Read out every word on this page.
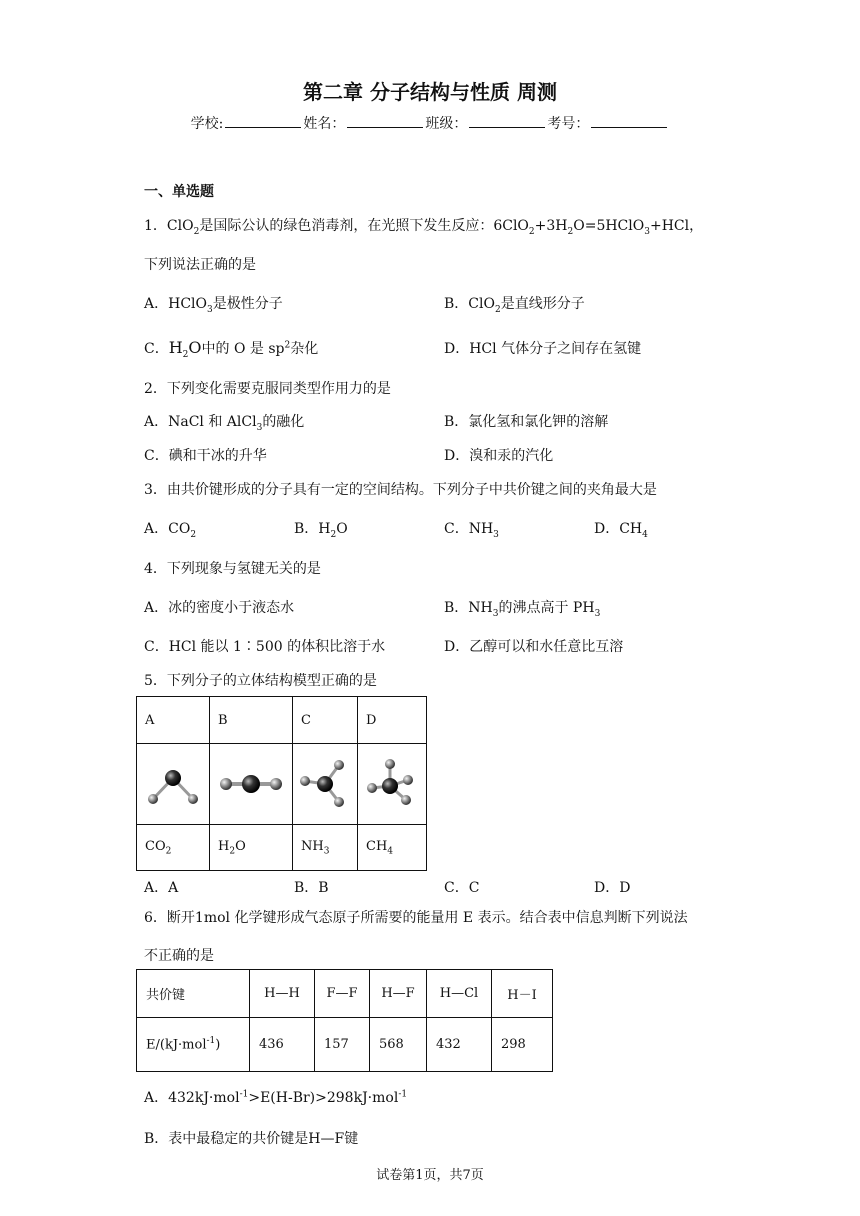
第二章 分子结构与性质 周测
学校:	姓名：	班级：	考号：
一、单选题
1．ClO$_2$是国际公认的绿色消毒剂，在光照下发生反应：$6ClO_2+3H_2O=5HClO_3+HCl$，
下列说法正确的是
A．HClO$_3$是极性分子	B．ClO$_2$是直线形分子
C．$H_2O$中的 O 是 $sp^2$杂化	D．HCl 气体分子之间存在氢键
2．下列变化需要克服同类型作用力的是
A．NaCl 和 AlCl$_3$的融化	B．氯化氢和氯化钾的溶解
C．碘和干冰的升华	D．溴和汞的汽化
3．由共价键形成的分子具有一定的空间结构。下列分子中共价键之间的夹角最大是
A．$CO_2$	B．$H_2O$	C．$NH_3$	D．$CH_4$
4．下列现象与氢键无关的是
A．冰的密度小于液态水	B．$NH_3$的沸点高于 $PH_3$
C．HCl 能以 1∶500 的体积比溶于水	D．乙醇可以和水任意比互溶
5．下列分子的立体结构模型正确的是
A	B	C	D

$CO_2$	$H_2O$	$NH_3$	$CH_4$
A．A	B．B	C．C	D．D
6．断开1mol 化学键形成气态原子所需要的能量用 E 表示。结合表中信息判断下列说法
不正确的是
共价键	H—H	F—F	H—F	H—Cl	H－I
E/(kJ·mol$^{-1}$)	436	157	568	432	298
A．432kJ·mol$^{-1}$>E(H-Br)>298kJ·mol$^{-1}$
B．表中最稳定的共价键是H—F键
试卷第1页，共7页
